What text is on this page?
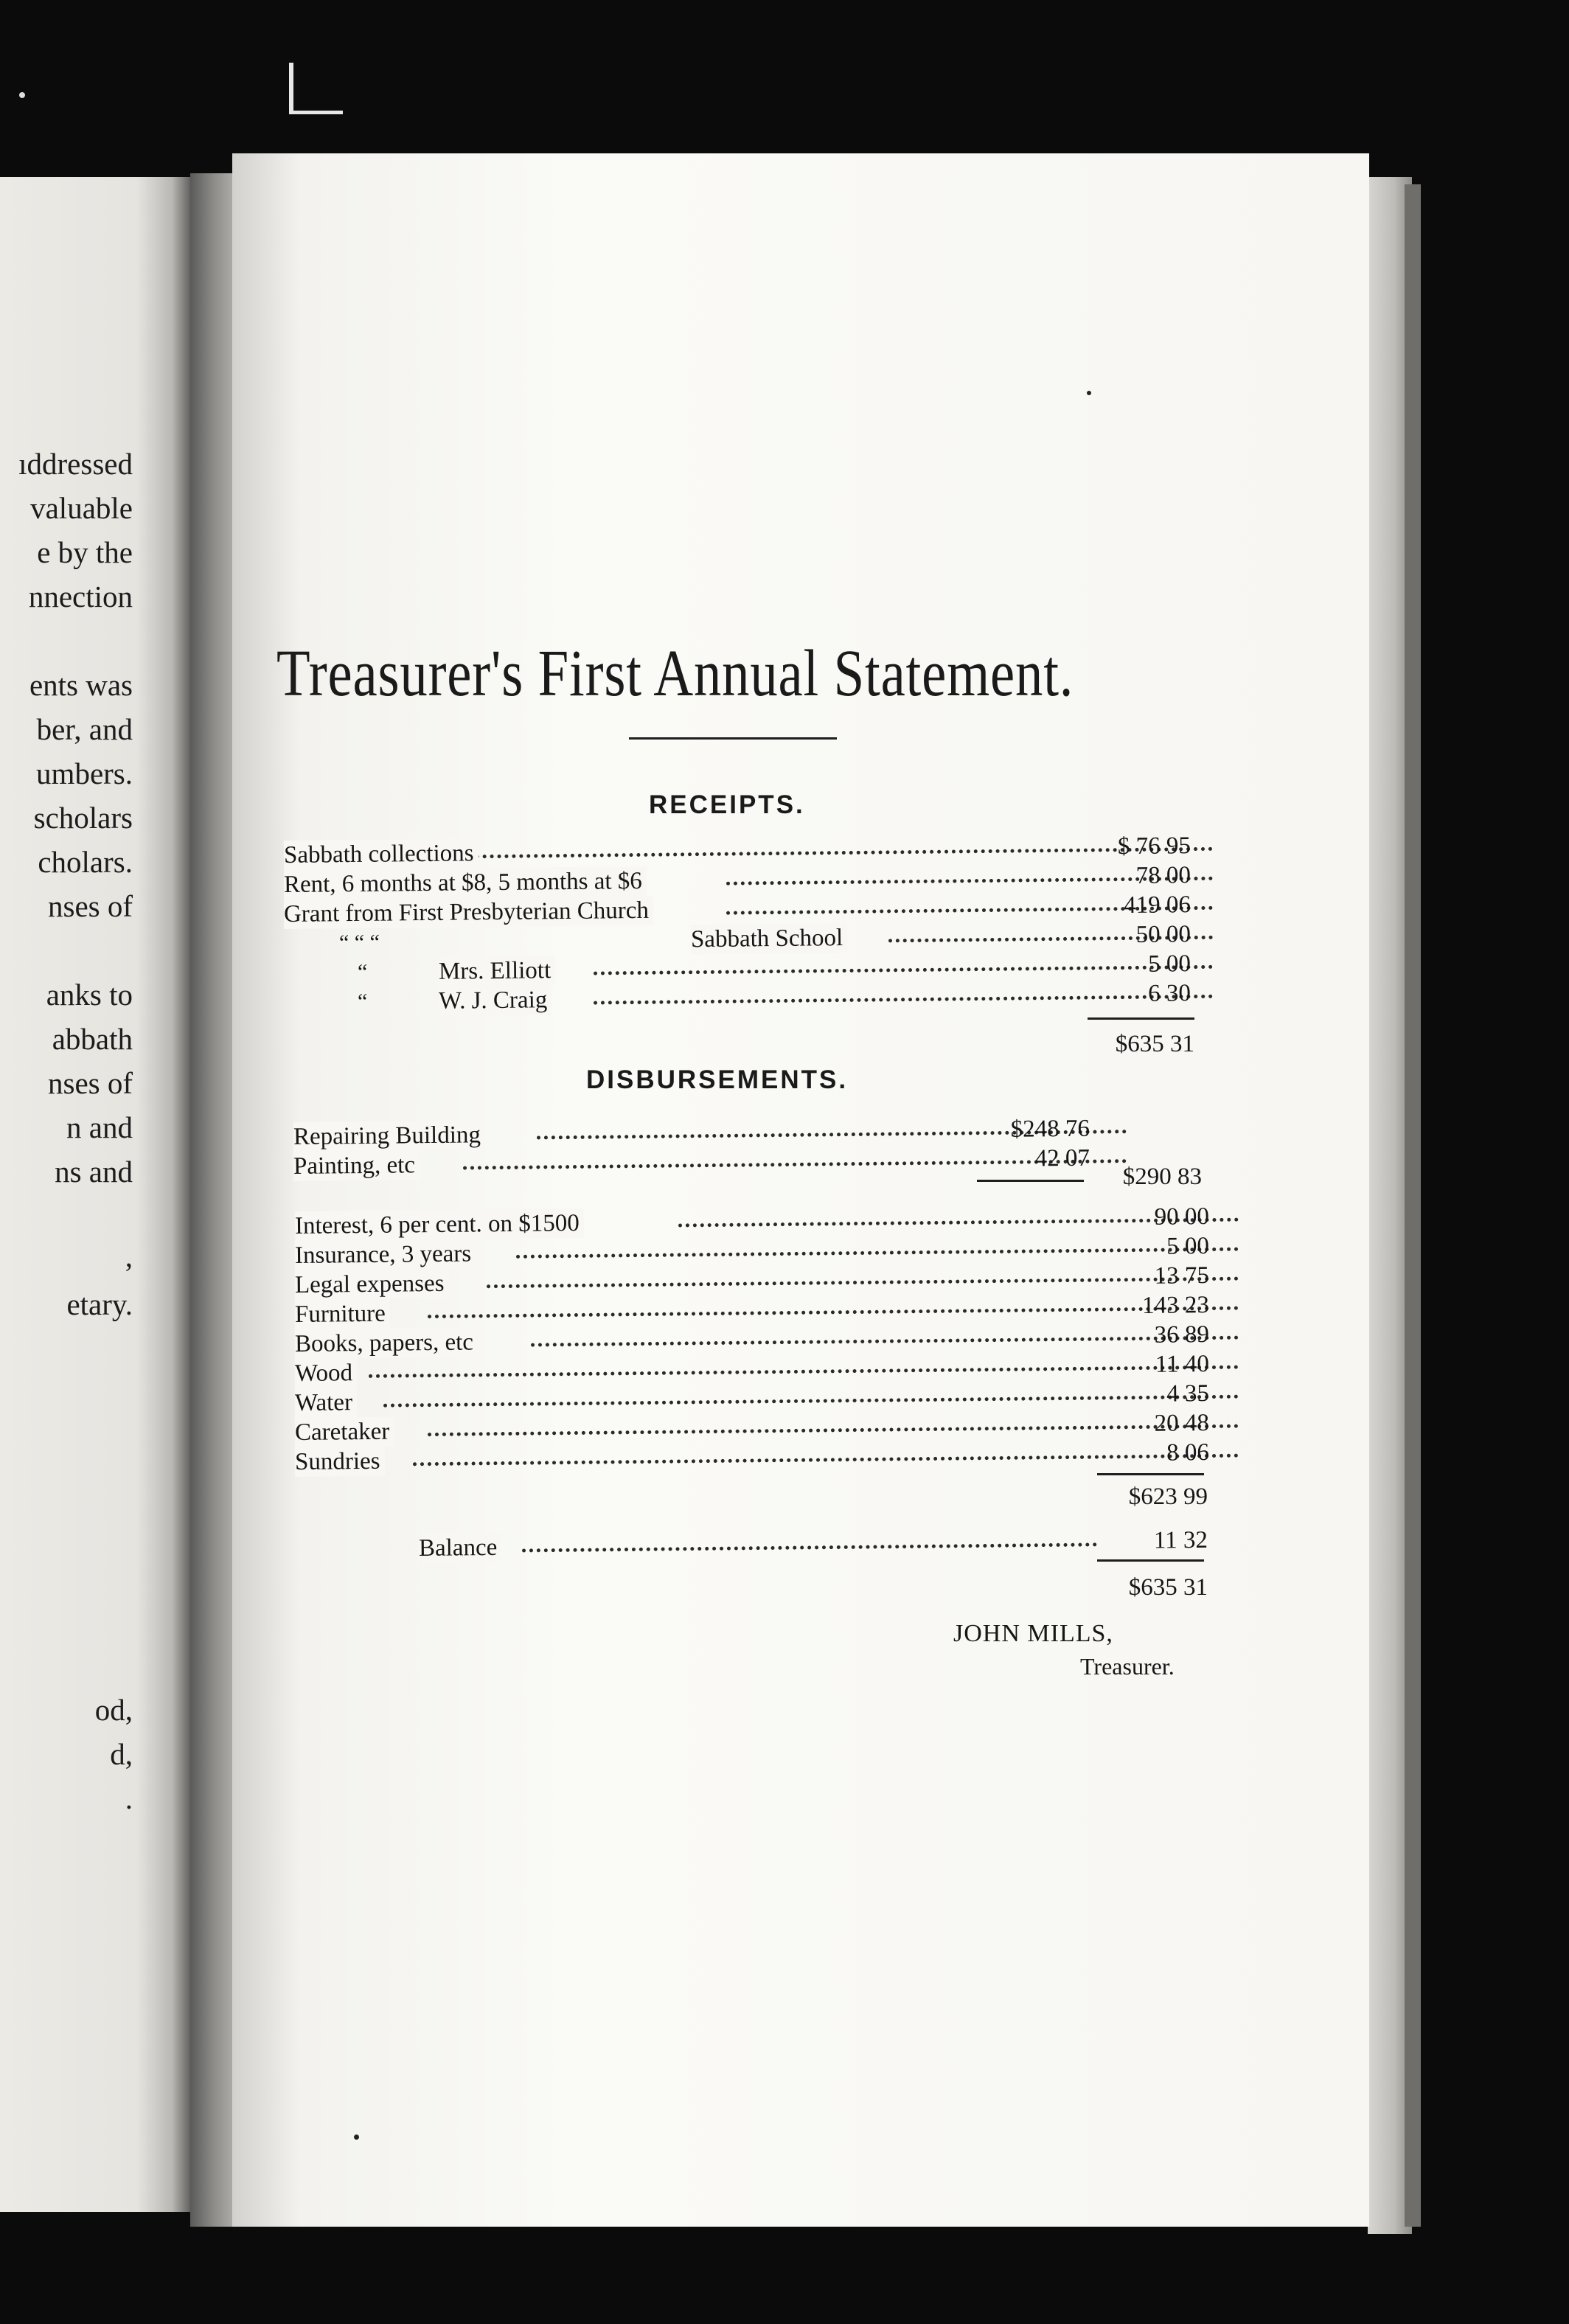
ıddressed
valuable
e by the
nnection
ents was
ber, and
umbers.
scholars
cholars.
nses of
anks to
abbath
nses of
n and
ns and
,
etary.
od,
d,
.
Treasurer's First Annual Statement.
RECEIPTS.
Sabbath collections	$ 76 95
Rent, 6 months at $8, 5 months at $6	78 00
Grant from First Presbyterian Church	419 06
“ “ “	Sabbath School	50 00
“	Mrs. Elliott	5 00
“	W. J. Craig	6 30
$635 31
DISBURSEMENTS.
Repairing Building	$248 76
Painting, etc	42 07
$290 83
Interest, 6 per cent. on $1500	90 00
Insurance, 3 years	5 00
Legal expenses	13 75
Furniture	143 23
Books, papers, etc	36 89
Wood	11 40
Water	4 35
Caretaker	20 48
Sundries	8 06
$623 99
Balance	11 32
$635 31
JOHN MILLS,
Treasurer.
